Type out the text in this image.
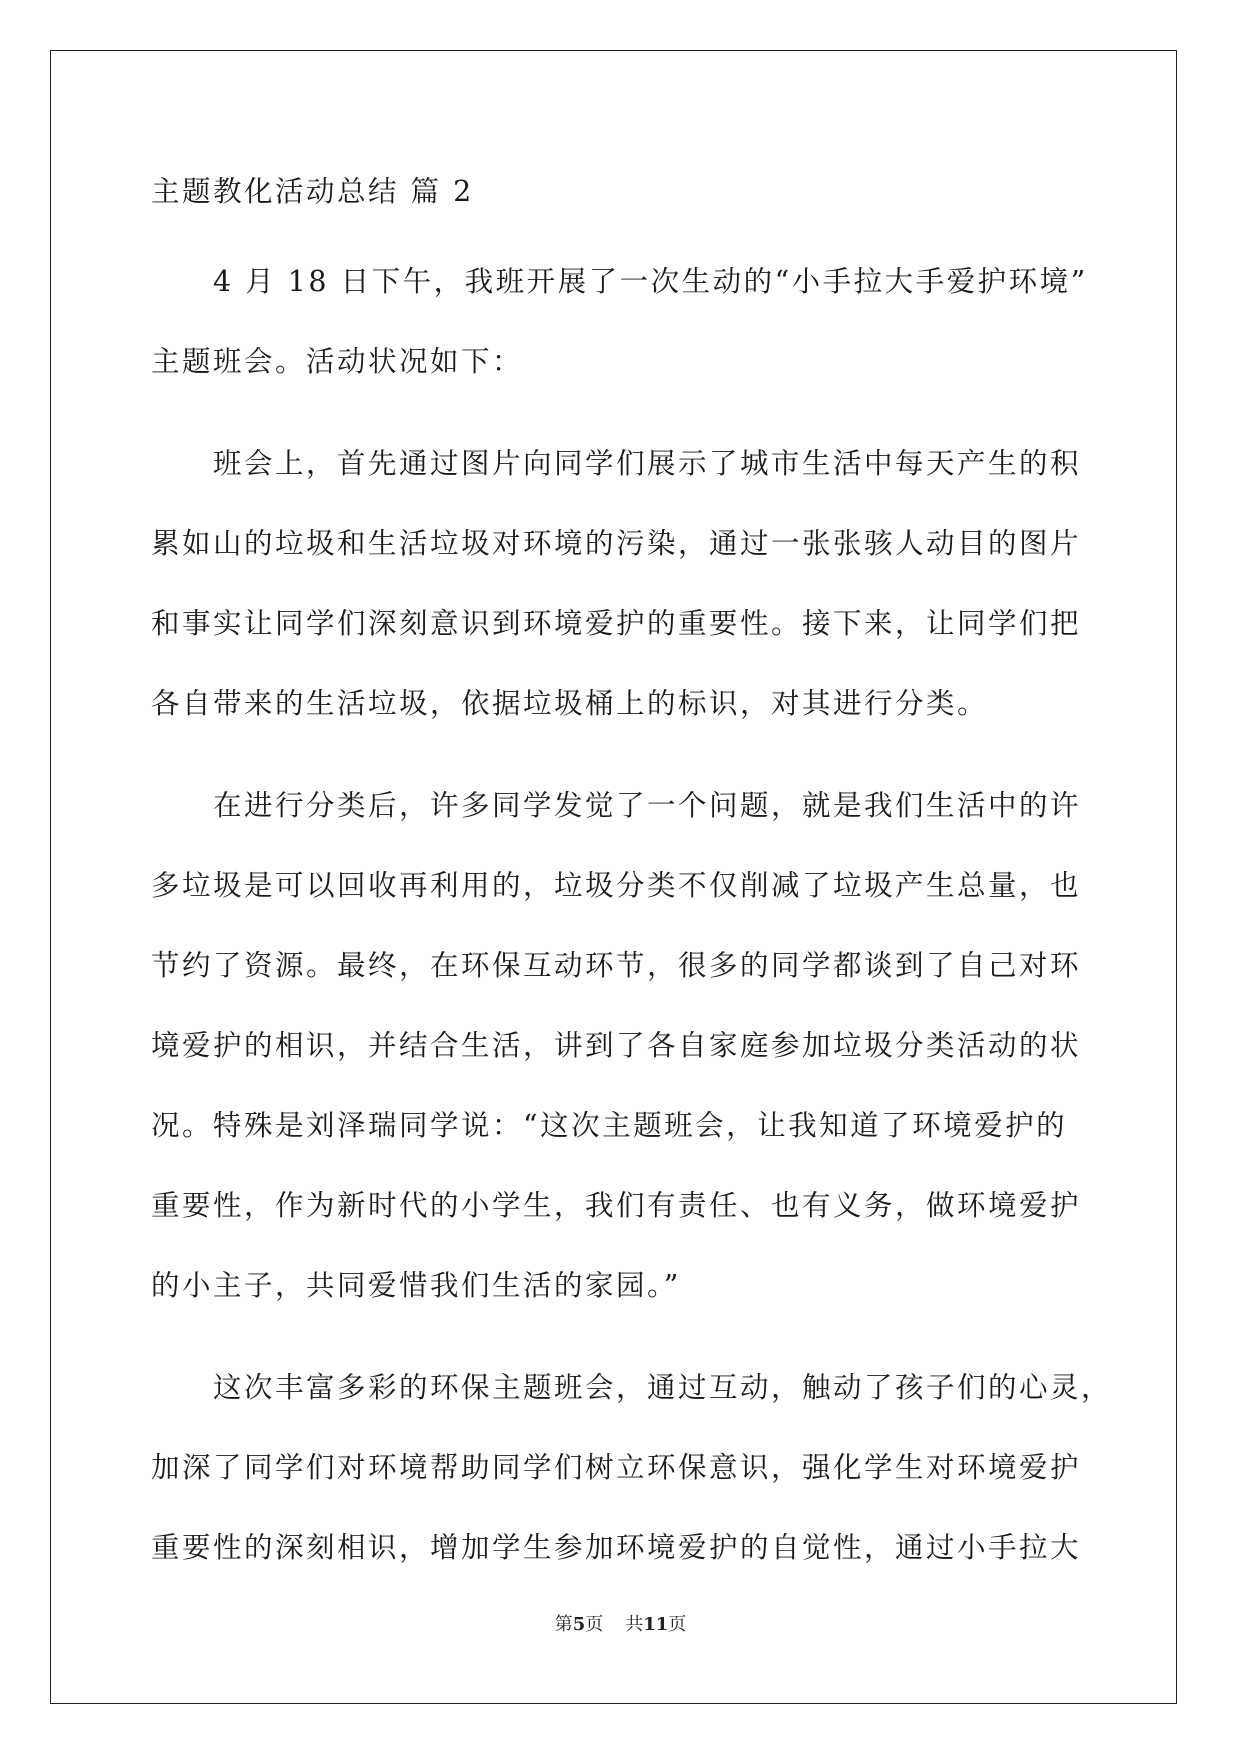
主题教化活动总结 篇 2
4 月 18 日下午，我班开展了一次生动的“小手拉大手爱护环境”
主题班会。活动状况如下：
班会上，首先通过图片向同学们展示了城市生活中每天产生的积
累如山的垃圾和生活垃圾对环境的污染，通过一张张骇人动目的图片
和事实让同学们深刻意识到环境爱护的重要性。接下来，让同学们把
各自带来的生活垃圾，依据垃圾桶上的标识，对其进行分类。
在进行分类后，许多同学发觉了一个问题，就是我们生活中的许
多垃圾是可以回收再利用的，垃圾分类不仅削减了垃圾产生总量，也
节约了资源。最终，在环保互动环节，很多的同学都谈到了自己对环
境爱护的相识，并结合生活，讲到了各自家庭参加垃圾分类活动的状
况。特殊是刘泽瑞同学说：“这次主题班会，让我知道了环境爱护的
重要性，作为新时代的小学生，我们有责任、也有义务，做环境爱护
的小主子，共同爱惜我们生活的家园。”
这次丰富多彩的环保主题班会，通过互动，触动了孩子们的心灵，
加深了同学们对环境帮助同学们树立环保意识，强化学生对环境爱护
重要性的深刻相识，增加学生参加环境爱护的自觉性，通过小手拉大
第5页 共11页
